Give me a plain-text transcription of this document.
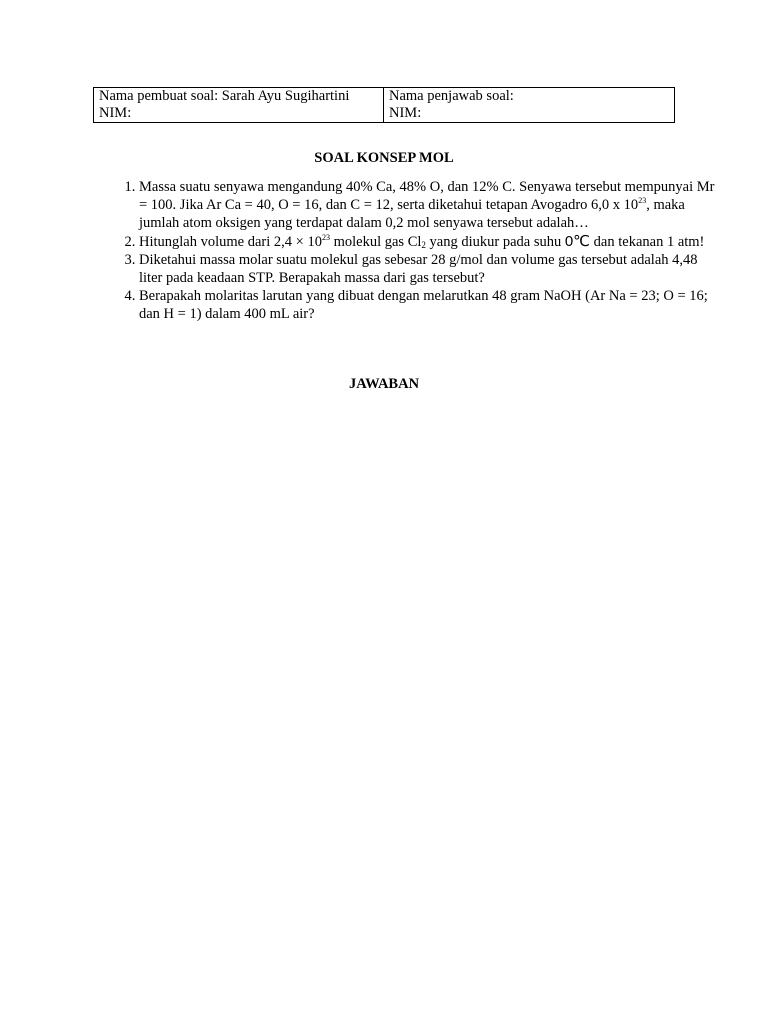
Nama pembuat soal: Sarah Ayu Sugihartini
NIM:

Nama penjawab soal:
NIM:
SOAL KONSEP MOL
1. Massa suatu senyawa mengandung 40% Ca, 48% O, dan 12% C. Senyawa tersebut mempunyai Mr = 100. Jika Ar Ca = 40, O = 16, dan C = 12, serta diketahui tetapan Avogadro 6,0 x $10^{23}$, maka jumlah atom oksigen yang terdapat dalam 0,2 mol senyawa tersebut adalah…
2. Hitunglah volume dari $2,4 \times 10^{23}$ molekul gas $Cl_2$ yang diukur pada suhu 0℃ dan tekanan 1 atm!
3. Diketahui massa molar suatu molekul gas sebesar 28 g/mol dan volume gas tersebut adalah 4,48 liter pada keadaan STP. Berapakah massa dari gas tersebut?
4. Berapakah molaritas larutan yang dibuat dengan melarutkan 48 gram NaOH (Ar Na = 23; O = 16; dan H = 1) dalam 400 mL air?
JAWABAN
